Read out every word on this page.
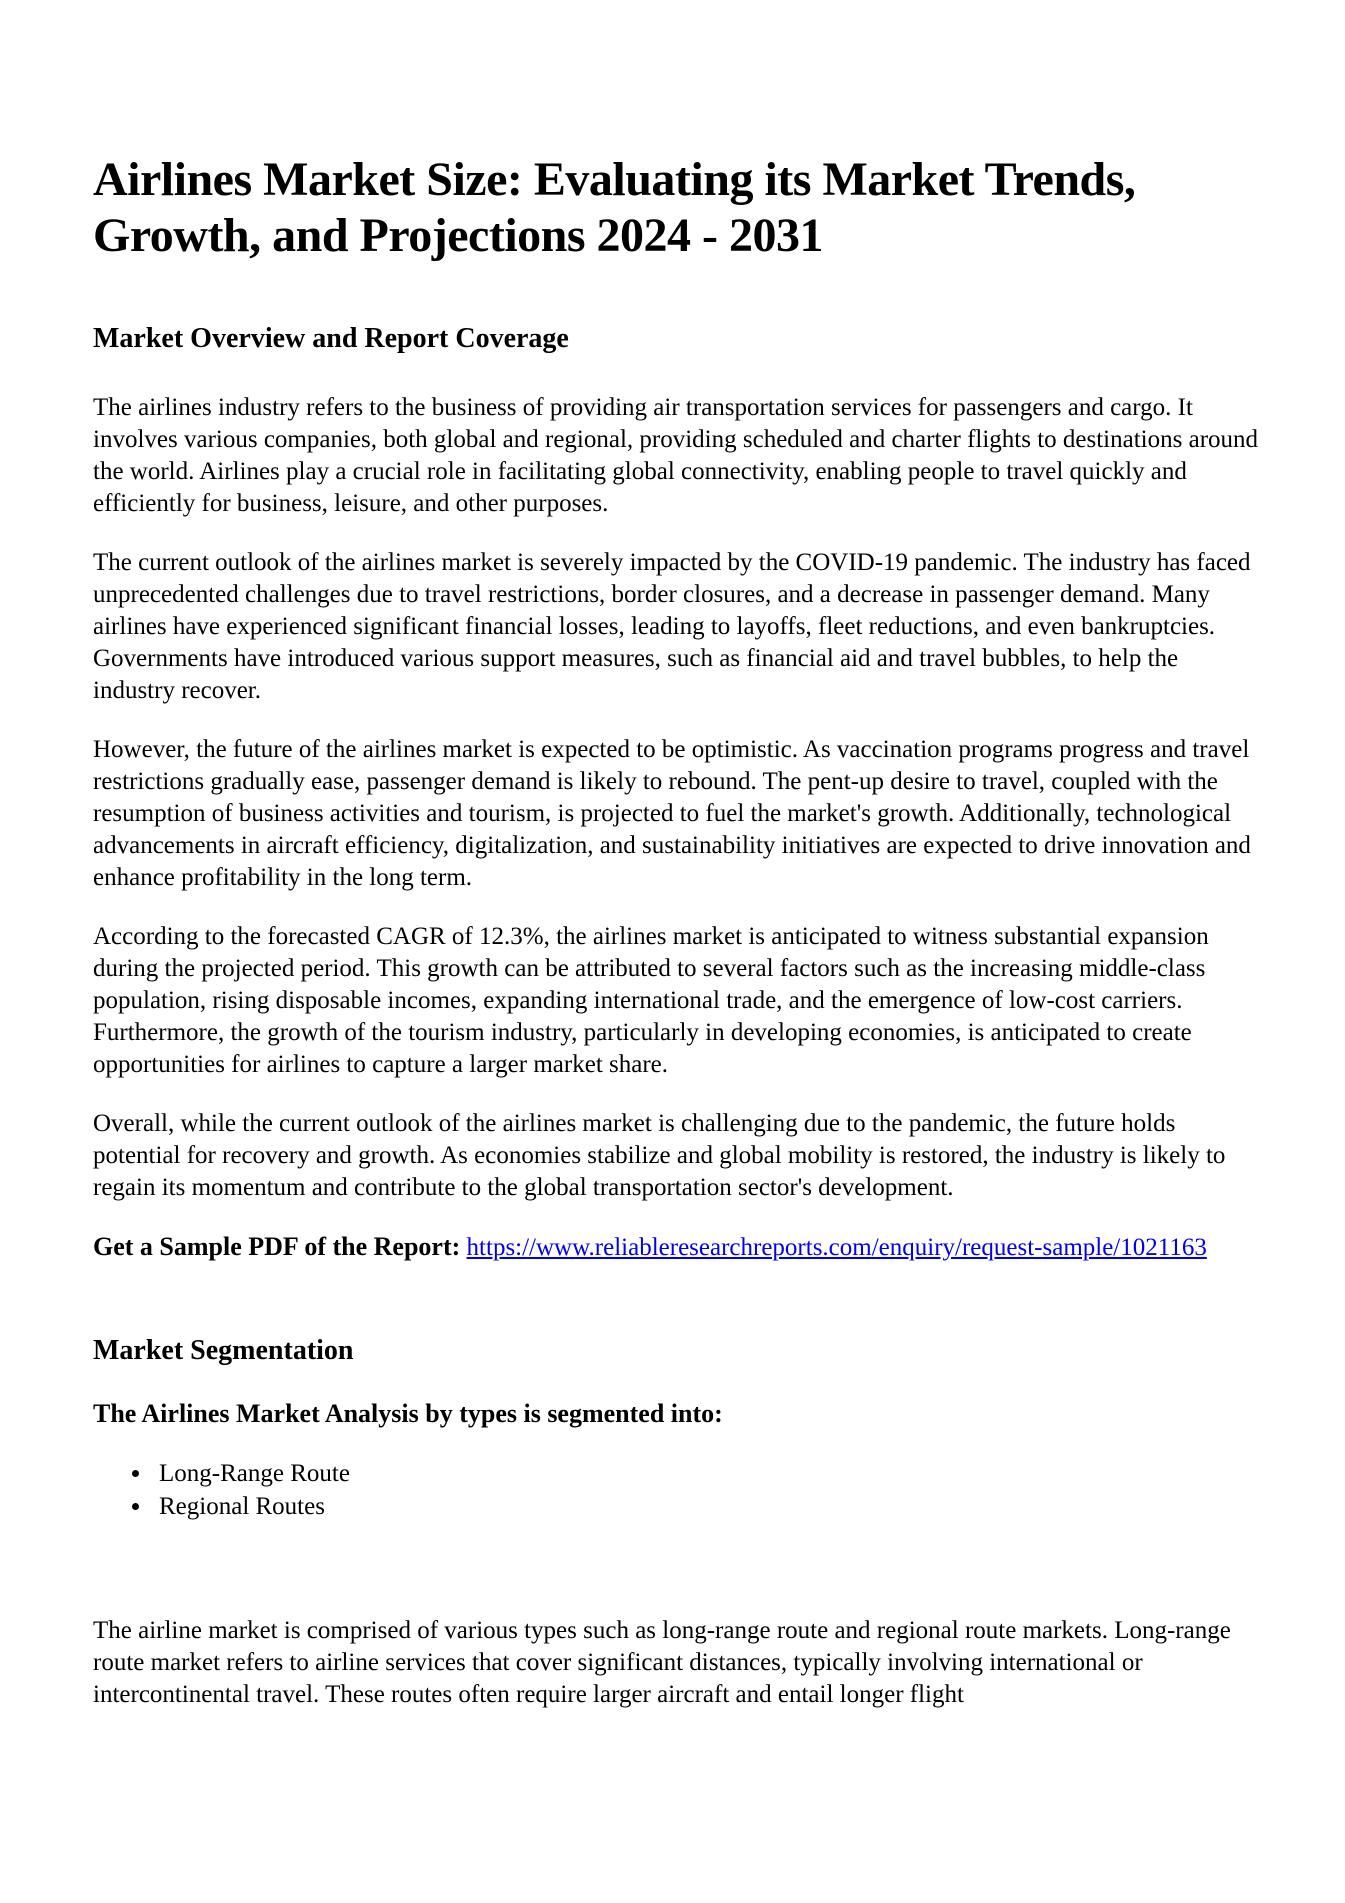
Airlines Market Size: Evaluating its Market Trends, Growth, and Projections 2024 - 2031
Market Overview and Report Coverage

The airlines industry refers to the business of providing air transportation services for passengers and cargo. It involves various companies, both global and regional, providing scheduled and charter flights to destinations around the world. Airlines play a crucial role in facilitating global connectivity, enabling people to travel quickly and efficiently for business, leisure, and other purposes.

The current outlook of the airlines market is severely impacted by the COVID-19 pandemic. The industry has faced unprecedented challenges due to travel restrictions, border closures, and a decrease in passenger demand. Many airlines have experienced significant financial losses, leading to layoffs, fleet reductions, and even bankruptcies. Governments have introduced various support measures, such as financial aid and travel bubbles, to help the industry recover.

However, the future of the airlines market is expected to be optimistic. As vaccination programs progress and travel restrictions gradually ease, passenger demand is likely to rebound. The pent-up desire to travel, coupled with the resumption of business activities and tourism, is projected to fuel the market's growth. Additionally, technological advancements in aircraft efficiency, digitalization, and sustainability initiatives are expected to drive innovation and enhance profitability in the long term.

According to the forecasted CAGR of 12.3%, the airlines market is anticipated to witness substantial expansion during the projected period. This growth can be attributed to several factors such as the increasing middle-class population, rising disposable incomes, expanding international trade, and the emergence of low-cost carriers. Furthermore, the growth of the tourism industry, particularly in developing economies, is anticipated to create opportunities for airlines to capture a larger market share.

Overall, while the current outlook of the airlines market is challenging due to the pandemic, the future holds potential for recovery and growth. As economies stabilize and global mobility is restored, the industry is likely to regain its momentum and contribute to the global transportation sector's development.

Get a Sample PDF of the Report: https://www.reliableresearchreports.com/enquiry/request-sample/1021163

Market Segmentation

The Airlines Market Analysis by types is segmented into:

• Long-Range Route
• Regional Routes

The airline market is comprised of various types such as long-range route and regional route markets. Long-range route market refers to airline services that cover significant distances, typically involving international or intercontinental travel. These routes often require larger aircraft and entail longer flight
